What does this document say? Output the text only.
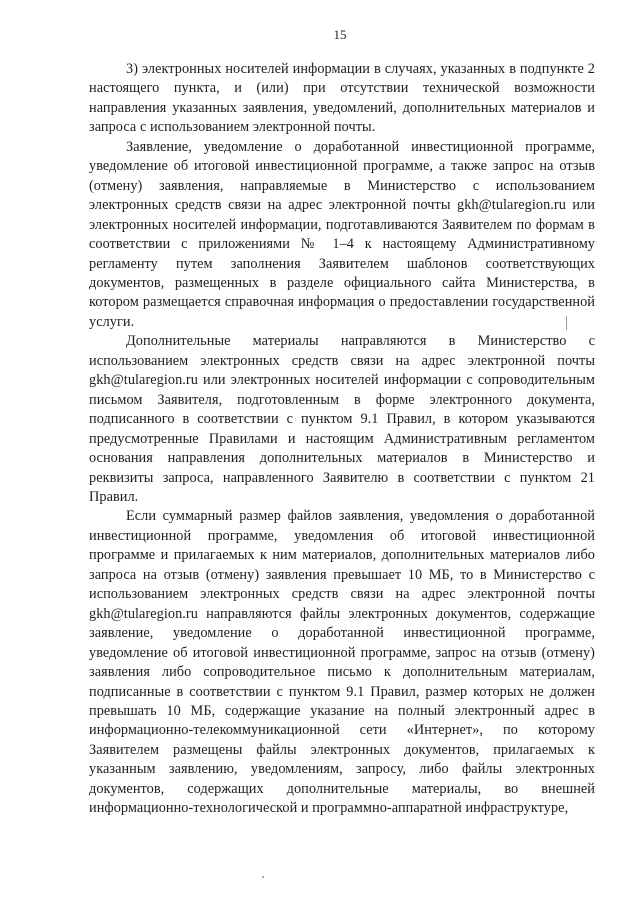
15

3) электронных носителей информации в случаях, указанных в подпункте 2 настоящего пункта, и (или) при отсутствии технической возможности направления указанных заявления, уведомлений, дополнительных материалов и запроса с использованием электронной почты.

Заявление, уведомление о доработанной инвестиционной программе, уведомление об итоговой инвестиционной программе, а также запрос на отзыв (отмену) заявления, направляемые в Министерство с использованием электронных средств связи на адрес электронной почты gkh@tularegion.ru или электронных носителей информации, подготавливаются Заявителем по формам в соответствии с приложениями № 1–4 к настоящему Административному регламенту путем заполнения Заявителем шаблонов соответствующих документов, размещенных в разделе официального сайта Министерства, в котором размещается справочная информация о предоставлении государственной услуги.

Дополнительные материалы направляются в Министерство с использованием электронных средств связи на адрес электронной почты gkh@tularegion.ru или электронных носителей информации с сопроводительным письмом Заявителя, подготовленным в форме электронного документа, подписанного в соответствии с пунктом 9.1 Правил, в котором указываются предусмотренные Правилами и настоящим Административным регламентом основания направления дополнительных материалов в Министерство и реквизиты запроса, направленного Заявителю в соответствии с пунктом 21 Правил.

Если суммарный размер файлов заявления, уведомления о доработанной инвестиционной программе, уведомления об итоговой инвестиционной программе и прилагаемых к ним материалов, дополнительных материалов либо запроса на отзыв (отмену) заявления превышает 10 МБ, то в Министерство с использованием электронных средств связи на адрес электронной почты gkh@tularegion.ru направляются файлы электронных документов, содержащие заявление, уведомление о доработанной инвестиционной программе, уведомление об итоговой инвестиционной программе, запрос на отзыв (отмену) заявления либо сопроводительное письмо к дополнительным материалам, подписанные в соответствии с пунктом 9.1 Правил, размер которых не должен превышать 10 МБ, содержащие указание на полный электронный адрес в информационно-телекоммуникационной сети «Интернет», по которому Заявителем размещены файлы электронных документов, прилагаемых к указанным заявлению, уведомлениям, запросу, либо файлы электронных документов, содержащих дополнительные материалы, во внешней информационно-технологической и программно-аппаратной инфраструктуре,
